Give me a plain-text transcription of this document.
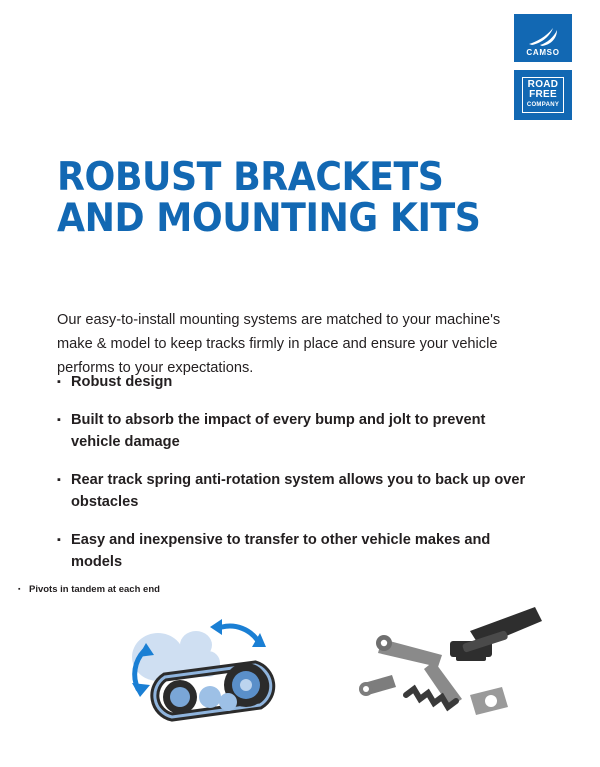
CAMSO
ROAD
FREE
COMPANY
ROBUST BRACKETS
AND MOUNTING KITS

Our easy-to-install mounting systems are matched to your machine's make & model to keep tracks firmly in place and ensure your vehicle performs to your expectations.

▪ Robust design
▪ Built to absorb the impact of every bump and jolt to prevent vehicle damage
▪ Rear track spring anti-rotation system allows you to back up over obstacles
▪ Easy and inexpensive to transfer to other vehicle makes and models
▪ Pivots in tandem at each end
